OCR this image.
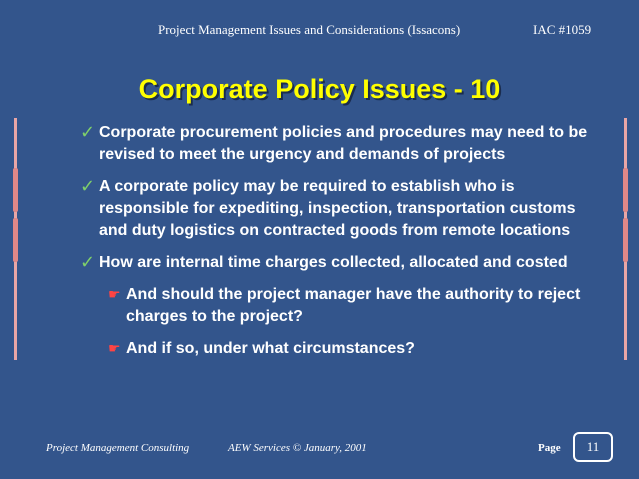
Project Management Issues and Considerations (Issacons)	IAC #1059
Corporate Policy Issues - 10
✓ Corporate procurement policies and procedures may need to be revised to meet the urgency and demands of projects
✓ A corporate policy may be required to establish who is responsible for expediting, inspection, transportation customs and duty logistics on contracted goods from remote locations
✓ How are internal time charges collected, allocated and costed
☛ And should the project manager have the authority to reject charges to the project?
☛ And if so, under what circumstances?
Project Management Consulting	AEW Services © January, 2001	Page	11
